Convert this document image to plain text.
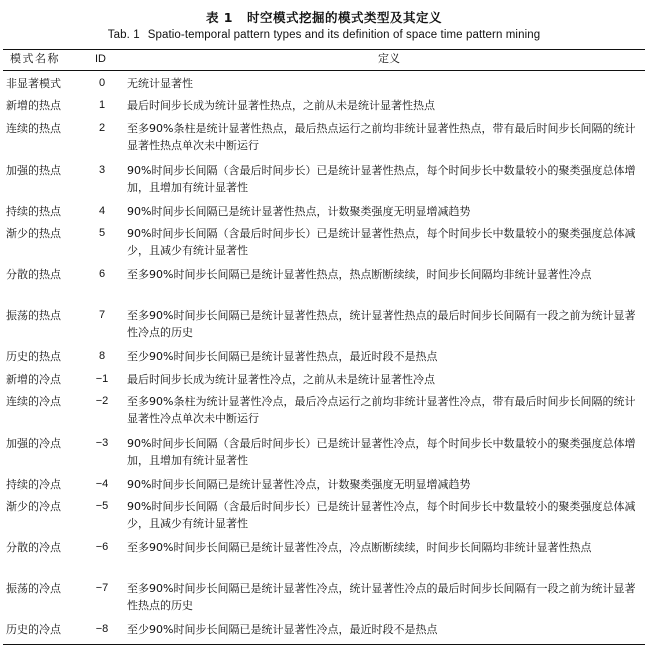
表 1 时空模式挖掘的模式类型及其定义
Tab. 1 Spatio-temporal pattern types and its definition of space time pattern mining
模式名称	ID	定义
非显著模式	0	无统计显著性
新增的热点	1	最后时间步长成为统计显著性热点，之前从未是统计显著性热点
连续的热点	2	至多90%条柱是统计显著性热点，最后热点运行之前均非统计显著性热点，带有最后时间步长间隔的统计显著性热点单次未中断运行
加强的热点	3	90%时间步长间隔（含最后时间步长）已是统计显著性热点，每个时间步长中数量较小的聚类强度总体增加，且增加有统计显著性
持续的热点	4	90%时间步长间隔已是统计显著性热点，计数聚类强度无明显增减趋势
渐少的热点	5	90%时间步长间隔（含最后时间步长）已是统计显著性热点，每个时间步长中数量较小的聚类强度总体减少，且减少有统计显著性
分散的热点	6	至多90%时间步长间隔已是统计显著性热点，热点断断续续，时间步长间隔均非统计显著性冷点
振荡的热点	7	至多90%时间步长间隔已是统计显著性热点，统计显著性热点的最后时间步长间隔有一段之前为统计显著性冷点的历史
历史的热点	8	至少90%时间步长间隔已是统计显著性热点，最近时段不是热点
新增的冷点	−1	最后时间步长成为统计显著性冷点，之前从未是统计显著性冷点
连续的冷点	−2	至多90%条柱为统计显著性冷点，最后冷点运行之前均非统计显著性冷点，带有最后时间步长间隔的统计显著性冷点单次未中断运行
加强的冷点	−3	90%时间步长间隔（含最后时间步长）已是统计显著性冷点，每个时间步长中数量较小的聚类强度总体增加，且增加有统计显著性
持续的冷点	−4	90%时间步长间隔已是统计显著性冷点，计数聚类强度无明显增减趋势
渐少的冷点	−5	90%时间步长间隔（含最后时间步长）已是统计显著性冷点，每个时间步长中数量较小的聚类强度总体减少，且减少有统计显著性
分散的冷点	−6	至多90%时间步长间隔已是统计显著性冷点，冷点断断续续，时间步长间隔均非统计显著性热点
振荡的冷点	−7	至多90%时间步长间隔已是统计显著性冷点，统计显著性冷点的最后时间步长间隔有一段之前为统计显著性热点的历史
历史的冷点	−8	至少90%时间步长间隔已是统计显著性冷点，最近时段不是热点
